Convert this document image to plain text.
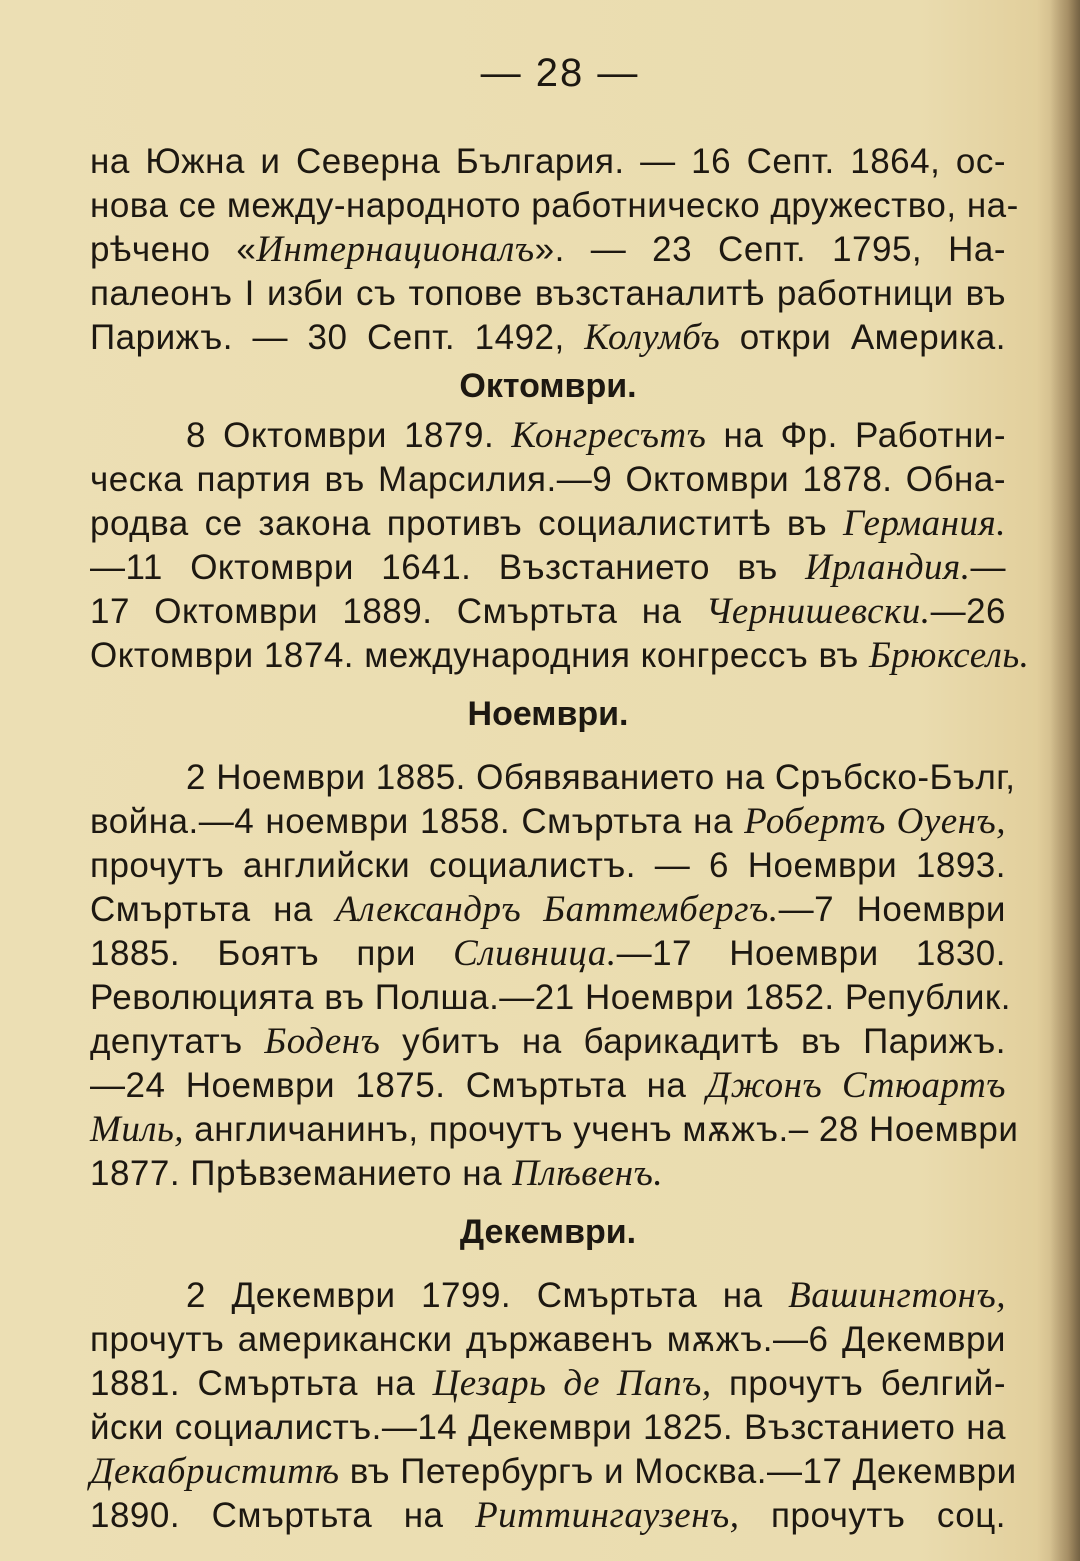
— 28 —
на Южна и Северна България. — 16 Септ. 1864, ос-
нова се между-народното работническо дружество, на-
рѣчено «Интернационалъ». — 23 Септ. 1795, На-
палеонъ I изби съ топове възстаналитѣ работници въ
Парижъ. — 30 Септ. 1492, Колумбъ откри Америка.
Октомври.
8 Октомври 1879. Конгресътъ на Фр. Работни-
ческа партия въ Марсилия.—9 Октомври 1878. Обна-
родва се закона противъ социалиститѣ въ Германия.
—11 Октомври 1641. Възстанието въ Ирландия.—
17 Октомври 1889. Смъртьта на Чернишевски.—26
Октомври 1874. международния конгрессъ въ Брюксель.
Ноември.
2 Ноември 1885. Обявяванието на Сръбско-Бълг,
война.—4 ноември 1858. Смъртьта на Робертъ Оуенъ,
прочутъ английски социалистъ. — 6 Ноември 1893.
Смъртьта на Александръ Баттембергъ.—7 Ноември
1885. Боятъ при Сливница.—17 Ноември 1830.
Революцията въ Полша.—21 Ноември 1852. Републик.
депутатъ Боденъ убитъ на барикадитѣ въ Парижъ.
—24 Ноември 1875. Смъртьта на Джонъ Стюартъ
Миль, англичанинъ, прочутъ ученъ мѫжъ.– 28 Ноември
1877. Прѣвземанието на Плѣвенъ.
Декември.
2 Декември 1799. Смъртьта на Вашингтонъ,
прочутъ американски държавенъ мѫжъ.—6 Декември
1881. Смъртьта на Цезарь де Папъ, прочутъ белгий-
йски социалистъ.—14 Декември 1825. Възстанието на
Декабриститѣ въ Петербургъ и Москва.—17 Декември
1890. Смъртьта на Риттингаузенъ, прочутъ соц.
